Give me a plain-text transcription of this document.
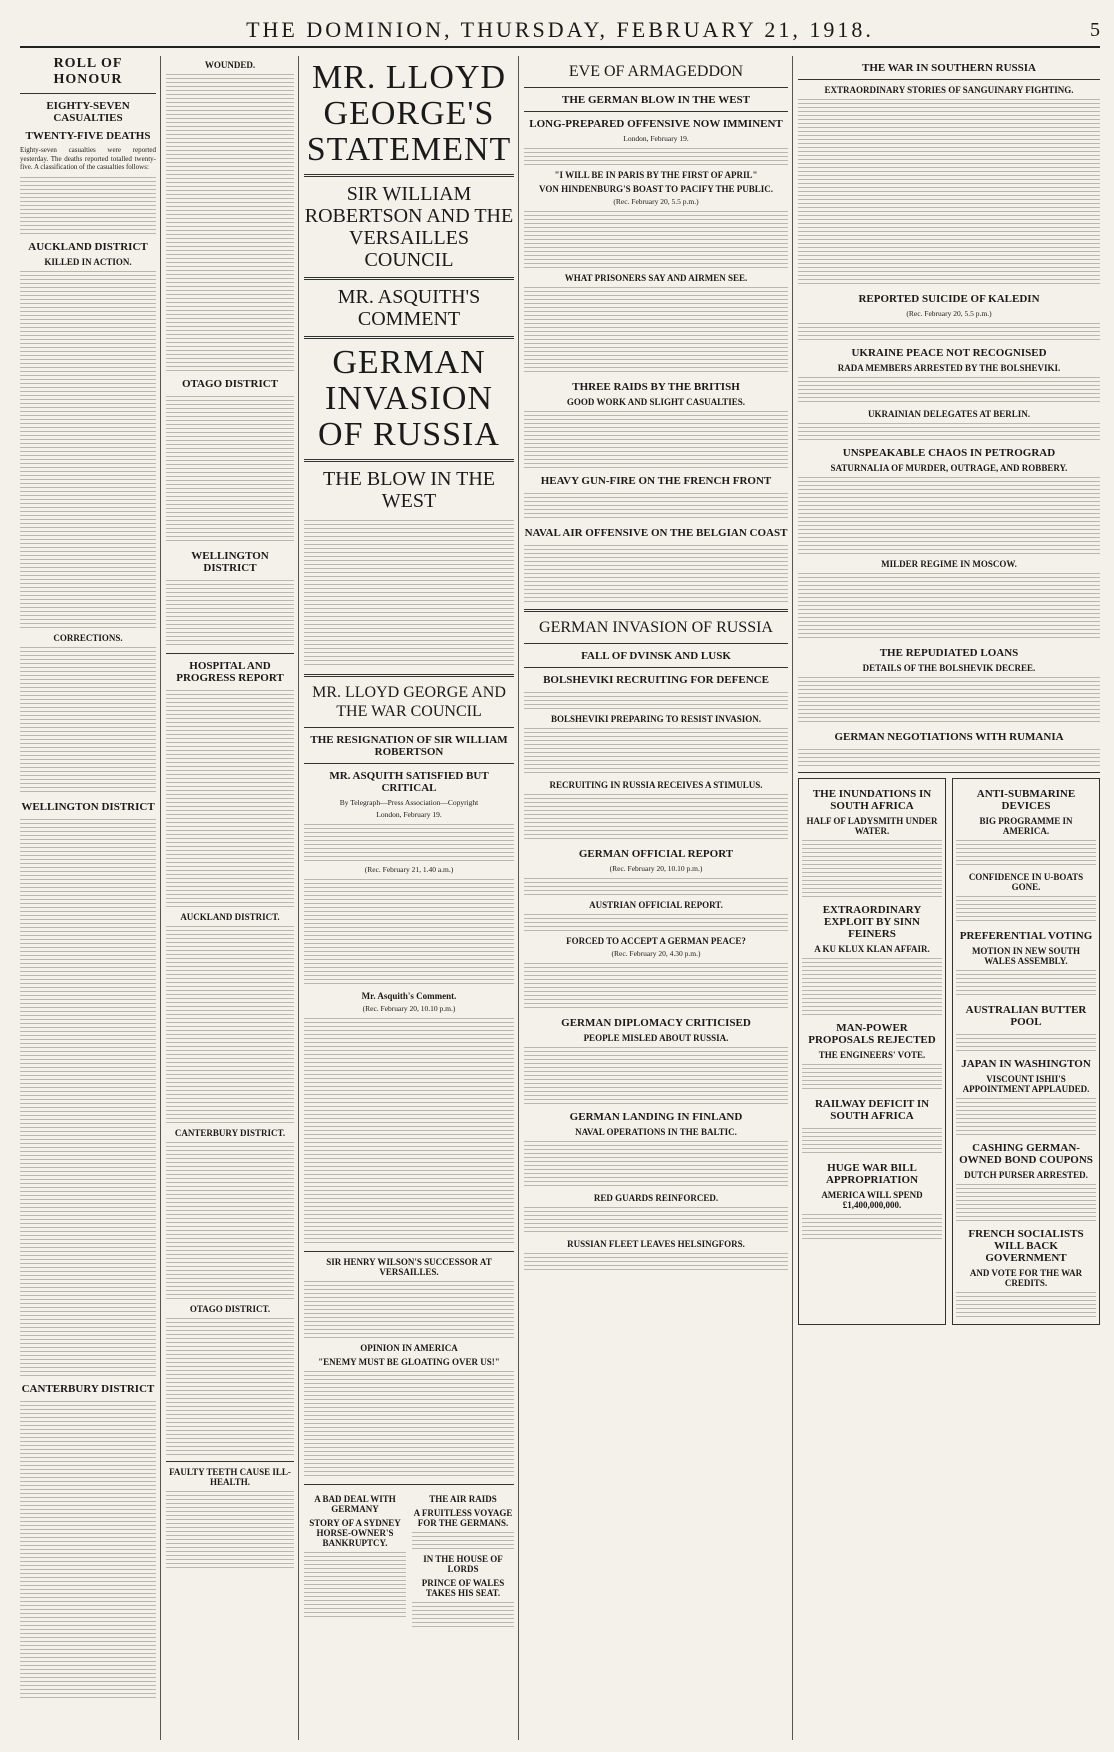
THE DOMINION, THURSDAY, FEBRUARY 21, 1918.	5
ROLL OF HONOUR
EIGHTY-SEVEN CASUALTIES
TWENTY-FIVE DEATHS
Eighty-seven casualties were reported yesterday. The deaths reported totalled twenty-five. A classification of the casualties follows:
AUCKLAND DISTRICT
KILLED IN ACTION.
CORRECTIONS.
WELLINGTON DISTRICT
CANTERBURY DISTRICT
WOUNDED.
OTAGO DISTRICT
WELLINGTON DISTRICT
HOSPITAL AND PROGRESS REPORT
AUCKLAND DISTRICT.
CANTERBURY DISTRICT.
OTAGO DISTRICT.
FAULTY TEETH CAUSE ILL-HEALTH.
MR. LLOYD GEORGE'S STATEMENT
SIR WILLIAM ROBERTSON AND THE VERSAILLES COUNCIL
MR. ASQUITH'S COMMENT
GERMAN INVASION OF RUSSIA
THE BLOW IN THE WEST
MR. LLOYD GEORGE AND THE WAR COUNCIL
THE RESIGNATION OF SIR WILLIAM ROBERTSON
MR. ASQUITH SATISFIED BUT CRITICAL
By Telegraph—Press Association—Copyright
London, February 19.
(Rec. February 21, 1.40 a.m.)
Mr. Asquith's Comment.
(Rec. February 20, 10.10 p.m.)
SIR HENRY WILSON'S SUCCESSOR AT VERSAILLES.
OPINION IN AMERICA
"ENEMY MUST BE GLOATING OVER US!"
A BAD DEAL WITH GERMANY
STORY OF A SYDNEY HORSE-OWNER'S BANKRUPTCY.
THE AIR RAIDS
A FRUITLESS VOYAGE FOR THE GERMANS.
IN THE HOUSE OF LORDS
PRINCE OF WALES TAKES HIS SEAT.
EVE OF ARMAGEDDON
THE GERMAN BLOW IN THE WEST
LONG-PREPARED OFFENSIVE NOW IMMINENT
London, February 19.
"I WILL BE IN PARIS BY THE FIRST OF APRIL"
VON HINDENBURG'S BOAST TO PACIFY THE PUBLIC.
(Rec. February 20, 5.5 p.m.)
WHAT PRISONERS SAY AND AIRMEN SEE.
THREE RAIDS BY THE BRITISH
GOOD WORK AND SLIGHT CASUALTIES.
HEAVY GUN-FIRE ON THE FRENCH FRONT
NAVAL AIR OFFENSIVE ON THE BELGIAN COAST
GERMAN INVASION OF RUSSIA
FALL OF DVINSK AND LUSK
BOLSHEVIKI RECRUITING FOR DEFENCE
BOLSHEVIKI PREPARING TO RESIST INVASION.
RECRUITING IN RUSSIA RECEIVES A STIMULUS.
GERMAN OFFICIAL REPORT
(Rec. February 20, 10.10 p.m.)
AUSTRIAN OFFICIAL REPORT.
FORCED TO ACCEPT A GERMAN PEACE?
(Rec. February 20, 4.30 p.m.)
GERMAN DIPLOMACY CRITICISED
PEOPLE MISLED ABOUT RUSSIA.
GERMAN LANDING IN FINLAND
NAVAL OPERATIONS IN THE BALTIC.
RED GUARDS REINFORCED.
RUSSIAN FLEET LEAVES HELSINGFORS.
THE WAR IN SOUTHERN RUSSIA
EXTRAORDINARY STORIES OF SANGUINARY FIGHTING.
REPORTED SUICIDE OF KALEDIN
(Rec. February 20, 5.5 p.m.)
UKRAINE PEACE NOT RECOGNISED
RADA MEMBERS ARRESTED BY THE BOLSHEVIKI.
UKRAINIAN DELEGATES AT BERLIN.
UNSPEAKABLE CHAOS IN PETROGRAD
SATURNALIA OF MURDER, OUTRAGE, AND ROBBERY.
MILDER REGIME IN MOSCOW.
THE REPUDIATED LOANS
DETAILS OF THE BOLSHEVIK DECREE.
GERMAN NEGOTIATIONS WITH RUMANIA
THE INUNDATIONS IN SOUTH AFRICA
HALF OF LADYSMITH UNDER WATER.
EXTRAORDINARY EXPLOIT BY SINN FEINERS
A KU KLUX KLAN AFFAIR.
MAN-POWER PROPOSALS REJECTED
THE ENGINEERS' VOTE.
RAILWAY DEFICIT IN SOUTH AFRICA
HUGE WAR BILL APPROPRIATION
AMERICA WILL SPEND £1,400,000,000.
ANTI-SUBMARINE DEVICES
BIG PROGRAMME IN AMERICA.
CONFIDENCE IN U-BOATS GONE.
PREFERENTIAL VOTING
MOTION IN NEW SOUTH WALES ASSEMBLY.
AUSTRALIAN BUTTER POOL
JAPAN IN WASHINGTON
VISCOUNT ISHII'S APPOINTMENT APPLAUDED.
CASHING GERMAN-OWNED BOND COUPONS
DUTCH PURSER ARRESTED.
FRENCH SOCIALISTS WILL BACK GOVERNMENT
AND VOTE FOR THE WAR CREDITS.
